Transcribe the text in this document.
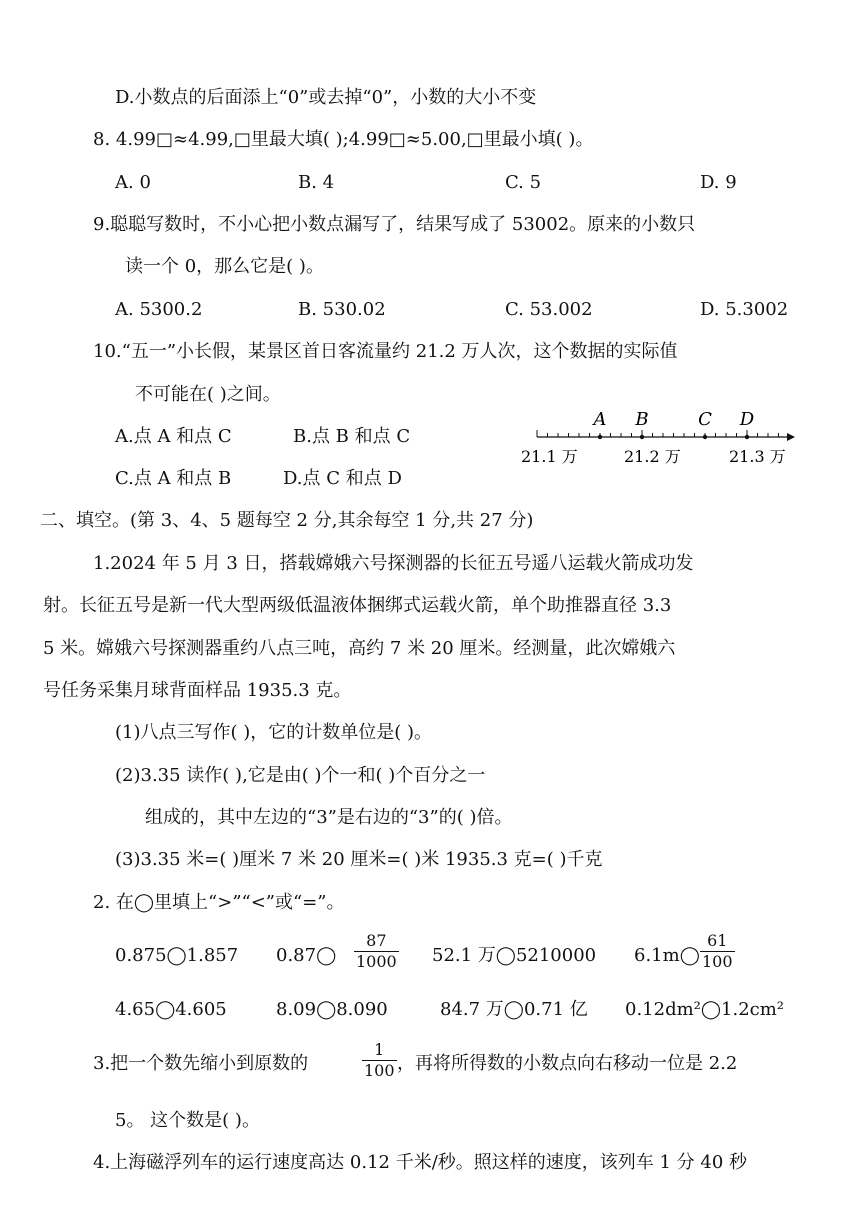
D.小数点的后面添上“0”或去掉“0”，小数的大小不变
8. 4.99□≈4.99,□里最大填( );4.99□≈5.00,□里最小填( )。
A. 0	B. 4	C. 5	D. 9
9.聪聪写数时，不小心把小数点漏写了，结果写成了 53002。原来的小数只
读一个 0，那么它是( )。
A. 5300.2	B. 530.02	C. 53.002	D. 5.3002
10.“五一”小长假，某景区首日客流量约 21.2 万人次，这个数据的实际值
不可能在( )之间。
A.点 A 和点 C	B.点 B 和点 C
C.点 A 和点 B	D.点 C 和点 D
A B	C D
21.1 万	21.2 万	21.3 万
二、填空。(第 3、4、5 题每空 2 分,其余每空 1 分,共 27 分)
1.2024 年 5 月 3 日，搭载嫦娥六号探测器的长征五号遥八运载火箭成功发
射。长征五号是新一代大型两级低温液体捆绑式运载火箭，单个助推器直径 3.3
5 米。嫦娥六号探测器重约八点三吨，高约 7 米 20 厘米。经测量，此次嫦娥六
号任务采集月球背面样品 1935.3 克。
(1)八点三写作( )，它的计数单位是( )。
(2)3.35 读作( ),它是由( )个一和( )个百分之一
组成的，其中左边的“3”是右边的“3”的( )倍。
(3)3.35 米=( )厘米 7 米 20 厘米=( )米 1935.3 克=( )千克
2. 在◯里填上“>”“<”或“=”。
0.875◯1.857 0.87◯
87
1000 52.1 万◯5210000 6.1m◯
61
100
4.65◯4.605	8.09◯8.090	84.7 万◯0.71 亿 0.12dm²◯1.2cm²
3.把一个数先缩小到原数的
1
100 ，再将所得数的小数点向右移动一位是 2.2
5。 这个数是( )。
4.上海磁浮列车的运行速度高达 0.12 千米/秒。照这样的速度，该列车 1 分 40 秒
